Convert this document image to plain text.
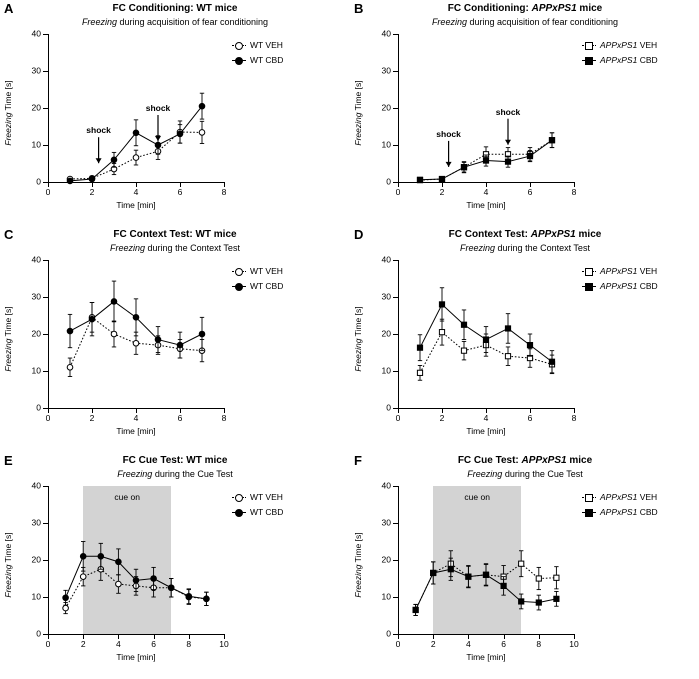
A	FC Conditioning: WT mice
Freezing during acquisition of fear conditioning
0
10
20
30
40
0	2	4	6	8
Freezing Time [s]
Time [min]
shock
shock
WT VEH
WT CBD
B	FC Conditioning: APPxPS1 mice
Freezing during acquisition of fear conditioning
0
10
20
30
40
0	2	4	6	8
Freezing Time [s]
Time [min]
shock
shock
APPxPS1 VEH
APPxPS1 CBD
C	FC Context Test: WT mice
Freezing during the Context Test
0
10
20
30
40
0	2	4	6	8
Freezing Time [s]
Time [min]
WT VEH
WT CBD
D	FC Context Test: APPxPS1 mice
Freezing during the Context Test
0
10
20
30
40
0	2	4	6	8
Freezing Time [s]
Time [min]
APPxPS1 VEH
APPxPS1 CBD
E	FC Cue Test: WT mice
Freezing during the Cue Test
cue on
0
10
20
30
40
0	2	4	6	8	10
Freezing Time [s]
Time [min]
WT VEH
WT CBD
F	FC Cue Test: APPxPS1 mice
Freezing during the Cue Test
cue on
0
10
20
30
40
0	2	4	6	8	10
Freezing Time [s]
Time [min]
APPxPS1 VEH
APPxPS1 CBD
